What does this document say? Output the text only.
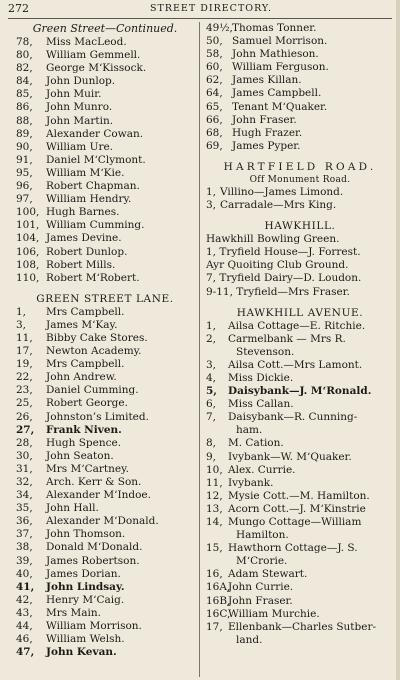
272	STREET DIRECTORY.
Green Street—Continued.
78, Miss MacLeod.
80, William Gemmell.
82, George M‘Kissock.
84, John Dunlop.
85, John Muir.
86, John Munro.
88, John Martin.
89, Alexander Cowan.
90, William Ure.
91, Daniel M‘Clymont.
95, William M‘Kie.
96, Robert Chapman.
97, William Hendry.
100, Hugh Barnes.
101, William Cumming.
104, James Devine.
106, Robert Dunlop.
108, Robert Mills.
110, Robert M‘Robert.
GREEN STREET LANE.
1, Mrs Campbell.
3, James M‘Kay.
11, Bibby Cake Stores.
17, Newton Academy.
19, Mrs Campbell.
22, John Andrew.
23, Daniel Cumming.
25, Robert George.
26, Johnston’s Limited.
27, Frank Niven.
28, Hugh Spence.
30, John Seaton.
31, Mrs M‘Cartney.
32, Arch. Kerr & Son.
34, Alexander M‘Indoe.
35, John Hall.
36, Alexander M‘Donald.
37, John Thomson.
38, Donald M‘Donald.
39, James Robertson.
40, James Dorian.
41, John Lindsay.
42, Henry M‘Caig.
43, Mrs Main.
44, William Morrison.
46, William Welsh.
47, John Kevan.
49½,Thomas Tonner.
50, Samuel Morrison.
58, John Mathieson.
60, William Ferguson.
62, James Killan.
64, James Campbell.
65, Tenant M‘Quaker.
66, John Fraser.
68, Hugh Frazer.
69, James Pyper.
HARTFIELD ROAD.
Off Monument Road.
1, Villino—James Limond.
3, Carradale—Mrs King.
HAWKHILL.
Hawkhill Bowling Green.
1, Tryfield House—J. Forrest.
Ayr Quoiting Club Ground.
7, Tryfield Dairy—D. Loudon.
9-11, Tryfield—Mrs Fraser.
HAWKHILL AVENUE.
1, Ailsa Cottage—E. Ritchie.
2, Carmelbank — Mrs R.
Stevenson.
3, Ailsa Cott.—Mrs Lamont.
4, Miss Dickie.
5, Daisybank—J. M‘Ronald.
6, Miss Callan.
7, Daisybank—R. Cunning-
ham.
8, M. Cation.
9, Ivybank—W. M‘Quaker.
10, Alex. Currie.
11, Ivybank.
12, Mysie Cott.—M. Hamilton.
13, Acorn Cott.—J. M‘Kinstrie
14, Mungo Cottage—William
Hamilton.
15, Hawthorn Cottage—J. S.
M‘Crorie.
16, Adam Stewart.
16A,John Currie.
16B,John Fraser.
16C,William Murchie.
17, Ellenbank—Charles Sutber-
land.
